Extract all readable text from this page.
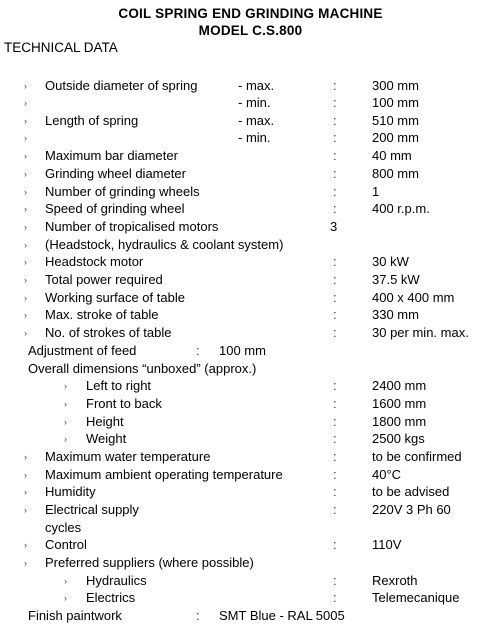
COIL SPRING END GRINDING MACHINE
MODEL C.S.800
TECHNICAL DATA
› Outside diameter of spring	- max.	300 mm
:
›	- min.	100 mm
:
› Length of spring	- max.	510 mm
:
›	- min.	200 mm
:
› Maximum bar diameter	40 mm
:
› Grinding wheel diameter	800 mm
:
› Number of grinding wheels	1
:
› Speed of grinding wheel	400 r.p.m.
:
› Number of tropicalised motors	3
› (Headstock, hydraulics & coolant system)
› Headstock motor	30 kW
:
› Total power required	37.5 kW
:
› Working surface of table	400 x 400 mm
:
› Max. stroke of table	330 mm
:
› No. of strokes of table	30 per min. max.
:
Adjustment of feed	100 mm
:
Overall dimensions “unboxed” (approx.)
› Left to right	2400 mm
:
› Front to back	1600 mm
:
› Height	1800 mm
:
› Weight	2500 kgs
:
› Maximum water temperature	to be confirmed
:
› Maximum ambient operating temperature	40°C
:
› Humidity	to be advised
:
› Electrical supply	220V 3 Ph 60
:
cycles
› Control	110V
:
› Preferred suppliers (where possible)
› Hydraulics	Rexroth
:
› Electrics	Telemecanique
:
Finish paintwork	SMT Blue - RAL 5005
:
